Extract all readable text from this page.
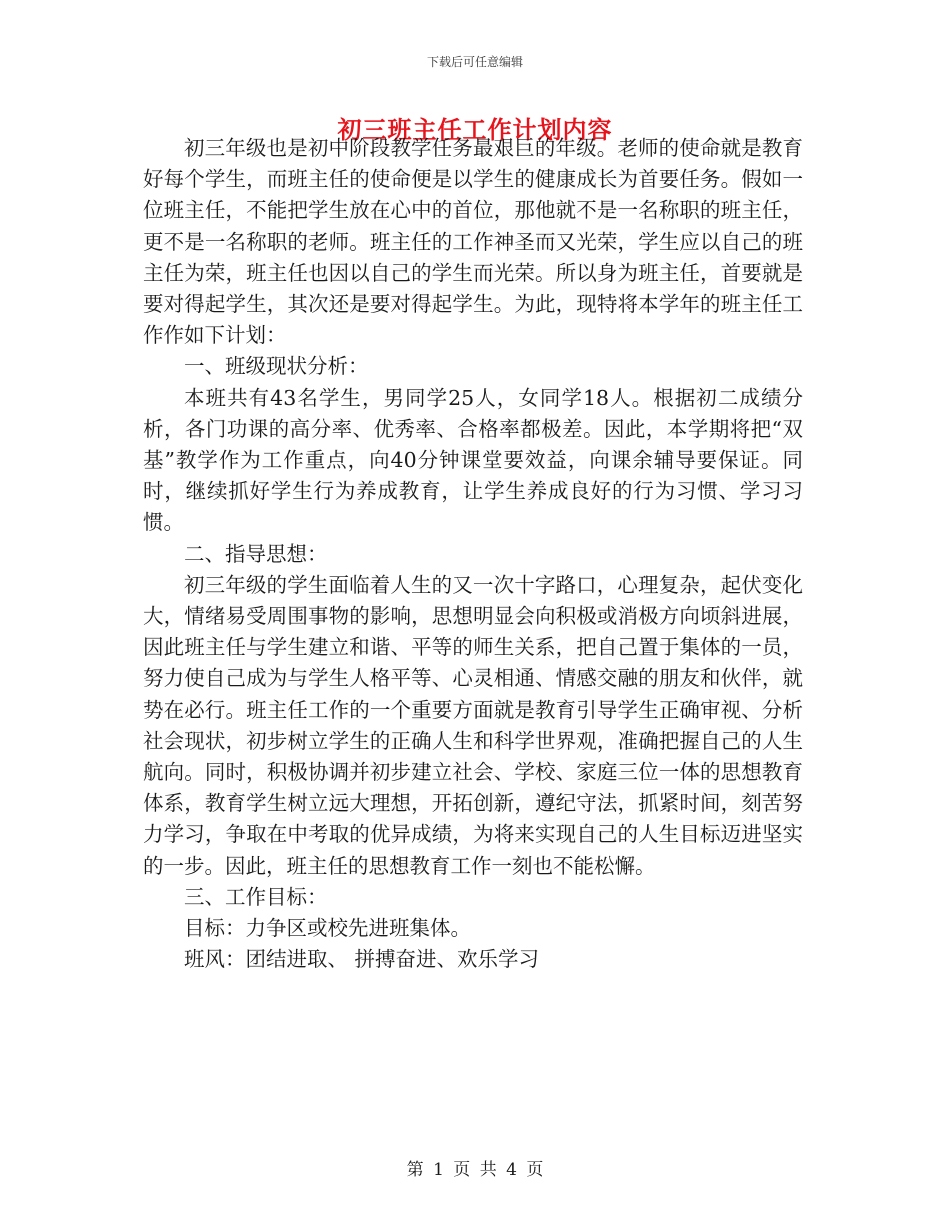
下载后可任意编辑
初三班主任工作计划内容

初三年级也是初中阶段教学任务最艰巨的年级。老师的使命就是教育好每个学生，而班主任的使命便是以学生的健康成长为首要任务。假如一位班主任，不能把学生放在心中的首位，那他就不是一名称职的班主任，更不是一名称职的老师。班主任的工作神圣而又光荣，学生应以自己的班主任为荣，班主任也因以自己的学生而光荣。所以身为班主任，首要就是要对得起学生，其次还是要对得起学生。为此，现特将本学年的班主任工作作如下计划：

一、班级现状分析：

本班共有43名学生，男同学25人，女同学18人。根据初二成绩分析，各门功课的高分率、优秀率、合格率都极差。因此，本学期将把“双基”教学作为工作重点，向40分钟课堂要效益，向课余辅导要保证。同时，继续抓好学生行为养成教育，让学生养成良好的行为习惯、学习习惯。

二、指导思想：

初三年级的学生面临着人生的又一次十字路口，心理复杂，起伏变化大，情绪易受周围事物的影响，思想明显会向积极或消极方向顷斜进展，因此班主任与学生建立和谐、平等的师生关系，把自己置于集体的一员，努力使自己成为与学生人格平等、心灵相通、情感交融的朋友和伙伴，就势在必行。班主任工作的一个重要方面就是教育引导学生正确审视、分析社会现状，初步树立学生的正确人生和科学世界观，准确把握自己的人生航向。同时，积极协调并初步建立社会、学校、家庭三位一体的思想教育体系，教育学生树立远大理想，开拓创新，遵纪守法，抓紧时间，刻苦努力学习，争取在中考取的优异成绩，为将来实现自己的人生目标迈进坚实的一步。因此，班主任的思想教育工作一刻也不能松懈。

三、工作目标：

目标：力争区或校先进班集体。

班风：团结进取、 拼搏奋进、欢乐学习

第 1 页 共 4 页
